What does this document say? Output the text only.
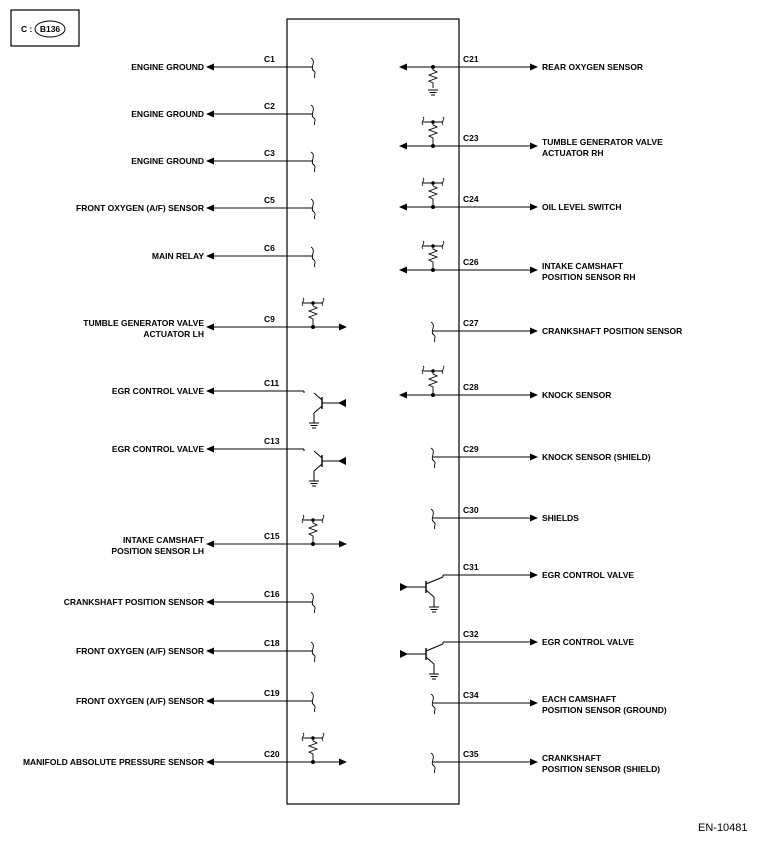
C : B136
C1
ENGINE GROUND
C2
ENGINE GROUND
C3
ENGINE GROUND
C5
FRONT OXYGEN (A/F) SENSOR
C6
MAIN RELAY
C9
TUMBLE GENERATOR VALVE
ACTUATOR LH
C11
EGR CONTROL VALVE
C13
EGR CONTROL VALVE
C15
INTAKE CAMSHAFT
POSITION SENSOR LH
C16
CRANKSHAFT POSITION SENSOR
C18
FRONT OXYGEN (A/F) SENSOR
C19
FRONT OXYGEN (A/F) SENSOR
C20
MANIFOLD ABSOLUTE PRESSURE SENSOR
C21
REAR OXYGEN SENSOR
C23	TUMBLE GENERATOR VALVE
ACTUATOR RH
C24
OIL LEVEL SWITCH
C26	INTAKE CAMSHAFT
POSITION SENSOR RH
C27
CRANKSHAFT POSITION SENSOR
C28
KNOCK SENSOR
C29
KNOCK SENSOR (SHIELD)
C30
SHIELDS
C31
EGR CONTROL VALVE
C32
EGR CONTROL VALVE
C34	EACH CAMSHAFT
POSITION SENSOR (GROUND)
C35	CRANKSHAFT
POSITION SENSOR (SHIELD)
EN-10481
